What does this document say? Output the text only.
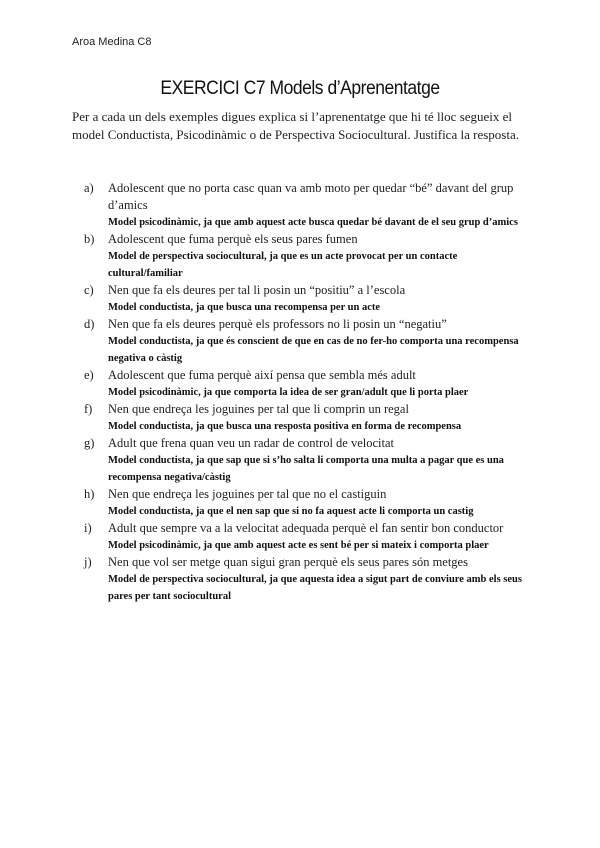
Aroa Medina C8
EXERCICI C7 Models d’Aprenentatge
Per a cada un dels exemples digues explica si l’aprenentatge que hi té lloc segueix el model Conductista, Psicodinàmic o de Perspectiva Sociocultural. Justifica la resposta.
a) Adolescent que no porta casc quan va amb moto per quedar “bé” davant del grup d’amics
Model psicodinàmic, ja que amb aquest acte busca quedar bé davant de el seu grup d’amics
b) Adolescent que fuma perquè els seus pares fumen
Model de perspectiva sociocultural, ja que es un acte provocat per un contacte cultural/familiar
c) Nen que fa els deures per tal li posin un “positiu” a l’escola
Model conductista, ja que busca una recompensa per un acte
d) Nen que fa els deures perquè els professors no li posin un “negatiu”
Model conductista, ja que és conscient de que en cas de no fer-ho comporta una recompensa negativa o càstig
e) Adolescent que fuma perquè així pensa que sembla més adult
Model psicodinàmic, ja que comporta la idea de ser gran/adult que li porta plaer
f) Nen que endreça les joguines per tal que li comprin un regal
Model conductista, ja que busca una resposta positiva en forma de recompensa
g) Adult que frena quan veu un radar de control de velocitat
Model conductista, ja que sap que si s’ho salta li comporta una multa a pagar que es una recompensa negativa/càstig
h) Nen que endreça les joguines per tal que no el castiguin
Model conductista, ja que el nen sap que si no fa aquest acte li comporta un castig
i) Adult que sempre va a la velocitat adequada perquè el fan sentir bon conductor
Model psicodinàmic, ja que amb aquest acte es sent bé per si mateix i comporta plaer
j) Nen que vol ser metge quan sigui gran perquè els seus pares són metges
Model de perspectiva sociocultural, ja que aquesta idea a sigut part de conviure amb els seus pares per tant sociocultural
